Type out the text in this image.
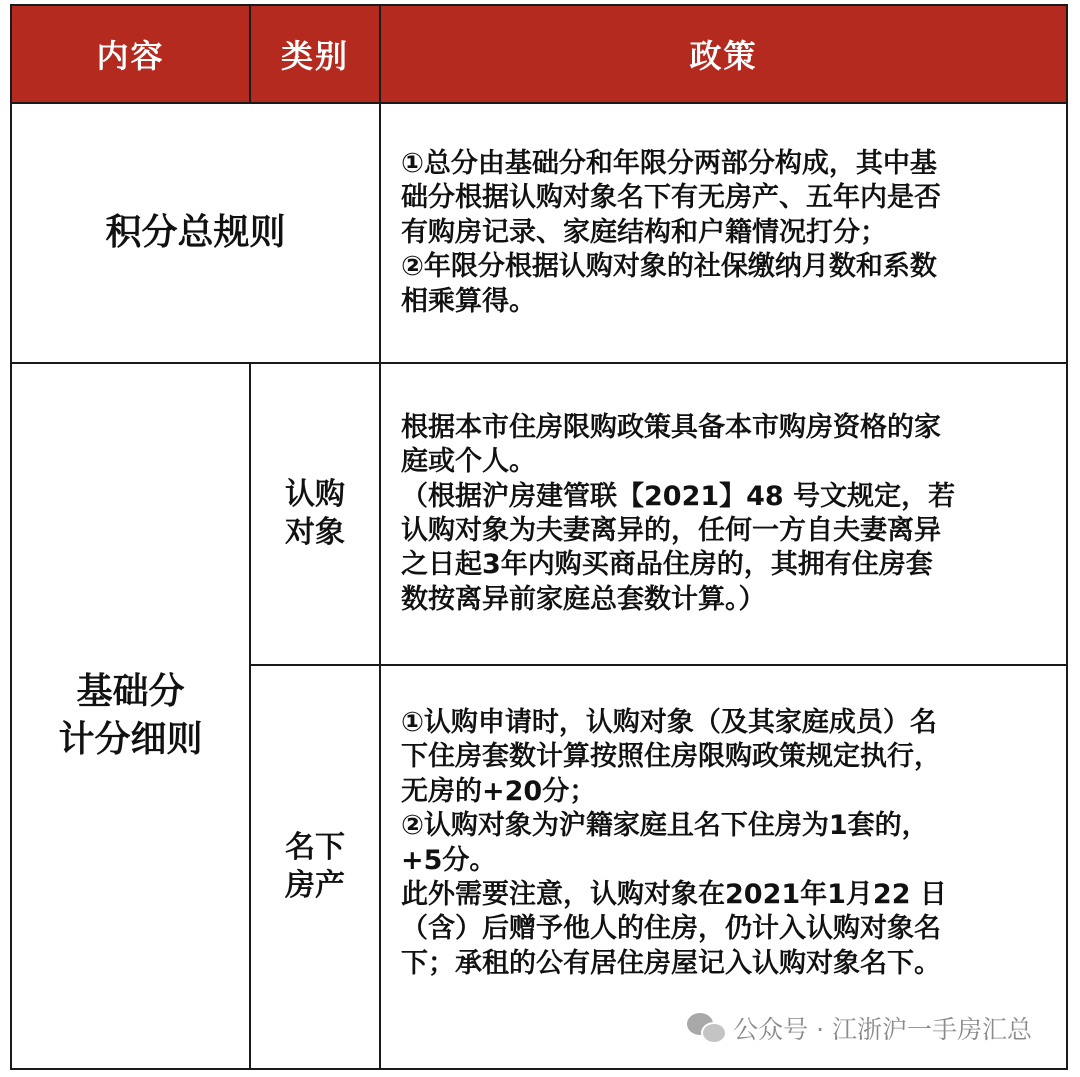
内容	类别	政策
积分总规则

①总分由基础分和年限分两部分构成，其中基

础分根据认购对象名下有无房产、五年内是否

有购房记录、家庭结构和户籍情况打分；

②年限分根据认购对象的社保缴纳月数和系数

相乘算得。

基础分
计分细则
认购
对象

根据本市住房限购政策具备本市购房资格的家

庭或个人。

（根据沪房建管联【2021】48 号文规定，若

认购对象为夫妻离异的，任何一方自夫妻离异

之日起3年内购买商品住房的，其拥有住房套

数按离异前家庭总套数计算。）

名下
房产

①认购申请时，认购对象（及其家庭成员）名

下住房套数计算按照住房限购政策规定执行，

无房的+20分；

②认购对象为沪籍家庭且名下住房为1套的，

+5分。

此外需要注意，认购对象在2021年1月22 日

（含）后赠予他人的住房，仍计入认购对象名

下；承租的公有居住房屋记入认购对象名下。

公众号 · 江浙沪一手房汇总
